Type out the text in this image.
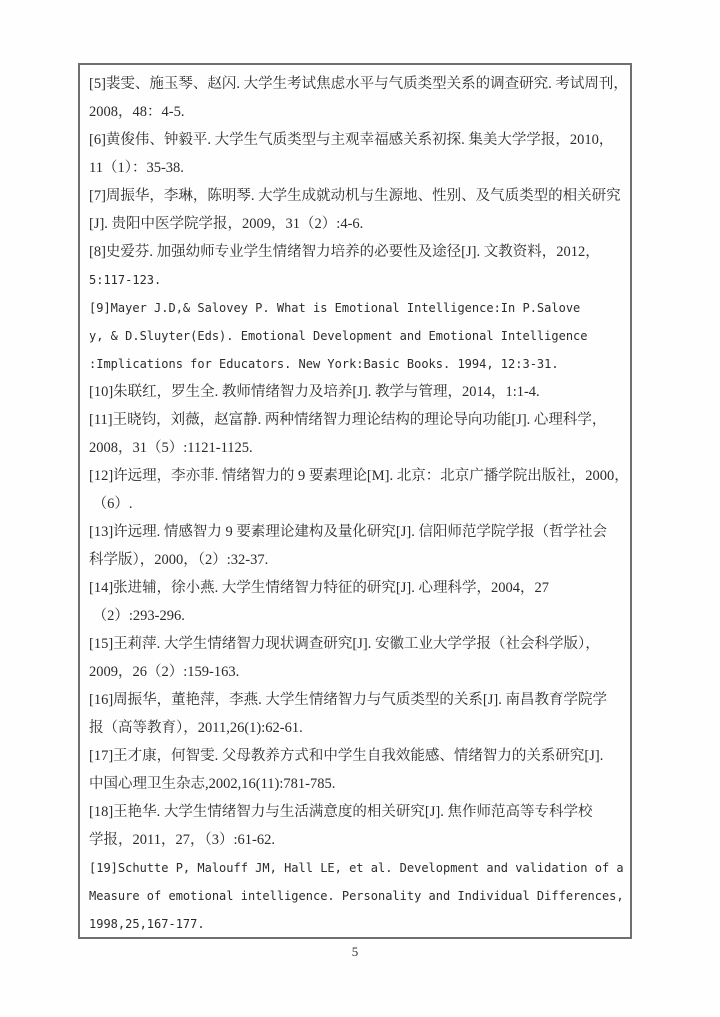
[5]裴雯、施玉琴、赵闪. 大学生考试焦虑水平与气质类型关系的调查研究. 考试周刊，
2008，48：4-5.
[6]黄俊伟、钟毅平. 大学生气质类型与主观幸福感关系初探. 集美大学学报，2010，
11（1）：35-38.
[7]周振华，李琳，陈明琴. 大学生成就动机与生源地、性别、及气质类型的相关研究
[J]. 贵阳中医学院学报，2009，31（2）:4-6.
[8]史爱芬. 加强幼师专业学生情绪智力培养的必要性及途径[J]. 文教资料，2012，
5:117-123.
[9]Mayer J.D,& Salovey P. What is Emotional Intelligence:In P.Salove
y, & D.Sluyter(Eds). Emotional Development and Emotional Intelligence
:Implications for Educators. New York:Basic Books. 1994, 12:3-31.
[10]朱联红，罗生全. 教师情绪智力及培养[J]. 教学与管理，2014，1:1-4.
[11]王晓钧，刘薇，赵富静. 两种情绪智力理论结构的理论导向功能[J]. 心理科学，
2008，31（5）:1121-1125.
[12]许远理，李亦菲. 情绪智力的 9 要素理论[M]. 北京：北京广播学院出版社，2000，
（6）.
[13]许远理. 情感智力 9 要素理论建构及量化研究[J]. 信阳师范学院学报（哲学社会
科学版），2000，（2）:32-37.
[14]张进辅，徐小燕. 大学生情绪智力特征的研究[J]. 心理科学，2004，27
（2）:293-296.
[15]王莉萍. 大学生情绪智力现状调查研究[J]. 安徽工业大学学报（社会科学版），
2009，26（2）:159-163.
[16]周振华，董艳萍，李燕. 大学生情绪智力与气质类型的关系[J]. 南昌教育学院学
报（高等教育），2011,26(1):62-61.
[17]王才康，何智雯. 父母教养方式和中学生自我效能感、情绪智力的关系研究[J].
中国心理卫生杂志,2002,16(11):781-785.
[18]王艳华. 大学生情绪智力与生活满意度的相关研究[J]. 焦作师范高等专科学校
学报，2011，27，（3）:61-62.
[19]Schutte P, Malouff JM, Hall LE, et al. Development and validation of a
Measure of emotional intelligence. Personality and Individual Differences,
1998,25,167-177.
5
